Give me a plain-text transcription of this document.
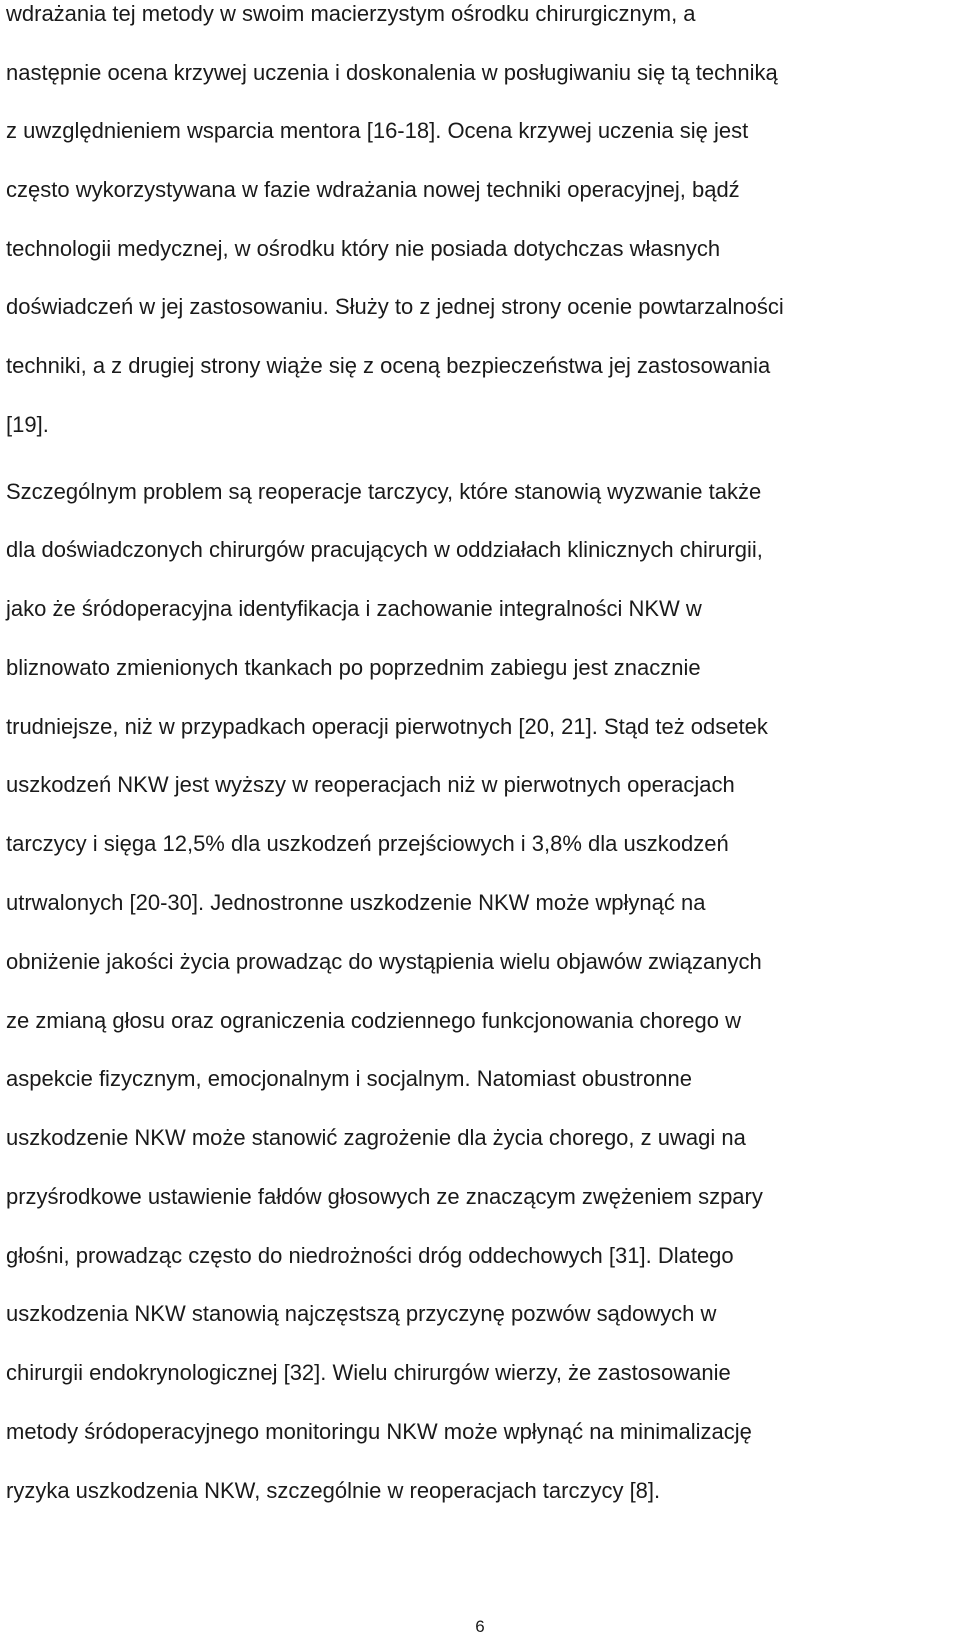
wdrażania tej metody w swoim macierzystym ośrodku chirurgicznym, a
następnie ocena krzywej uczenia i doskonalenia w posługiwaniu się tą techniką
z uwzględnieniem wsparcia mentora [16-18]. Ocena krzywej uczenia się jest
często wykorzystywana w fazie wdrażania nowej techniki operacyjnej, bądź
technologii medycznej, w ośrodku który nie posiada dotychczas własnych
doświadczeń w jej zastosowaniu. Służy to z jednej strony ocenie powtarzalności
techniki, a z drugiej strony wiąże się z oceną bezpieczeństwa jej zastosowania
[19].
Szczególnym problem są reoperacje tarczycy, które stanowią wyzwanie także
dla doświadczonych chirurgów pracujących w oddziałach klinicznych chirurgii,
jako że śródoperacyjna identyfikacja i zachowanie integralności NKW w
bliznowato zmienionych tkankach po poprzednim zabiegu jest znacznie
trudniejsze, niż w przypadkach operacji pierwotnych [20, 21]. Stąd też odsetek
uszkodzeń NKW jest wyższy w reoperacjach niż w pierwotnych operacjach
tarczycy i sięga 12,5% dla uszkodzeń przejściowych i 3,8% dla uszkodzeń
utrwalonych [20-30]. Jednostronne uszkodzenie NKW może wpłynąć na
obniżenie jakości życia prowadząc do wystąpienia wielu objawów związanych
ze zmianą głosu oraz ograniczenia codziennego funkcjonowania chorego w
aspekcie fizycznym, emocjonalnym i socjalnym. Natomiast obustronne
uszkodzenie NKW może stanowić zagrożenie dla życia chorego, z uwagi na
przyśrodkowe ustawienie fałdów głosowych ze znaczącym zwężeniem szpary
głośni, prowadząc często do niedrożności dróg oddechowych [31]. Dlatego
uszkodzenia NKW stanowią najczęstszą przyczynę pozwów sądowych w
chirurgii endokrynologicznej [32]. Wielu chirurgów wierzy, że zastosowanie
metody śródoperacyjnego monitoringu NKW może wpłynąć na minimalizację
ryzyka uszkodzenia NKW, szczególnie w reoperacjach tarczycy [8].
6
